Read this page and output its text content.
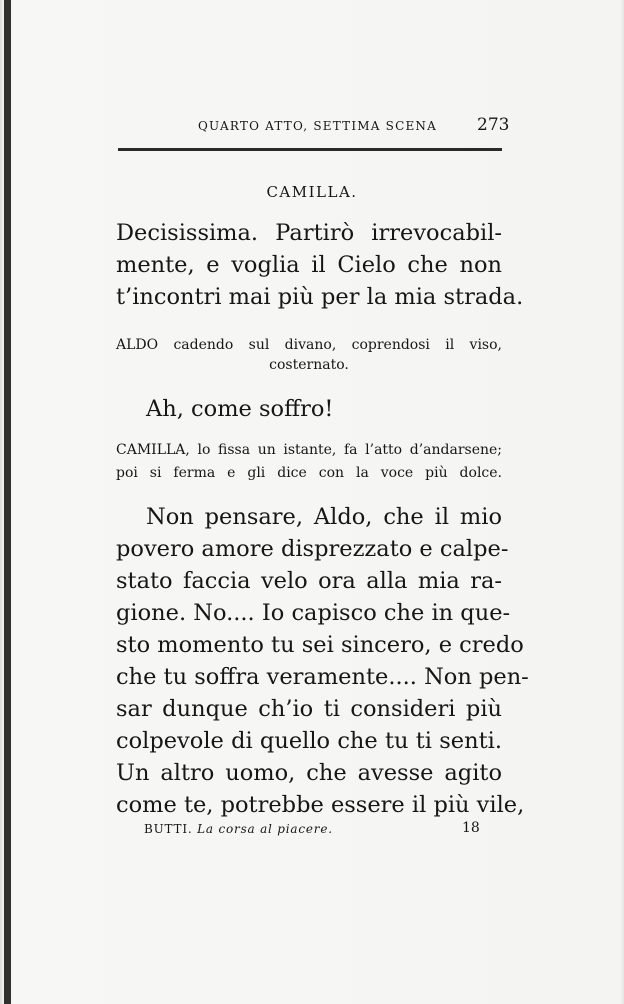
QUARTO ATTO, SETTIMA SCENA 273
CAMILLA.
Decisissima. Partirò irrevocabil-
mente, e voglia il Cielo che non
t’incontri mai più per la mia strada.
ALDO cadendo sul divano, coprendosi il viso,
costernato.
Ah, come soffro!
CAMILLA, lo fissa un istante, fa l’atto d’andarsene;
poi si ferma e gli dice con la voce più dolce.
Non pensare, Aldo, che il mio
povero amore disprezzato e calpe-
stato faccia velo ora alla mia ra-
gione. No.... Io capisco che in que-
sto momento tu sei sincero, e credo
che tu soffra veramente.... Non pen-
sar dunque ch’io ti consideri più
colpevole di quello che tu ti senti.
Un altro uomo, che avesse agito
come te, potrebbe essere il più vile,
BUTTI. La corsa al piacere.	18
